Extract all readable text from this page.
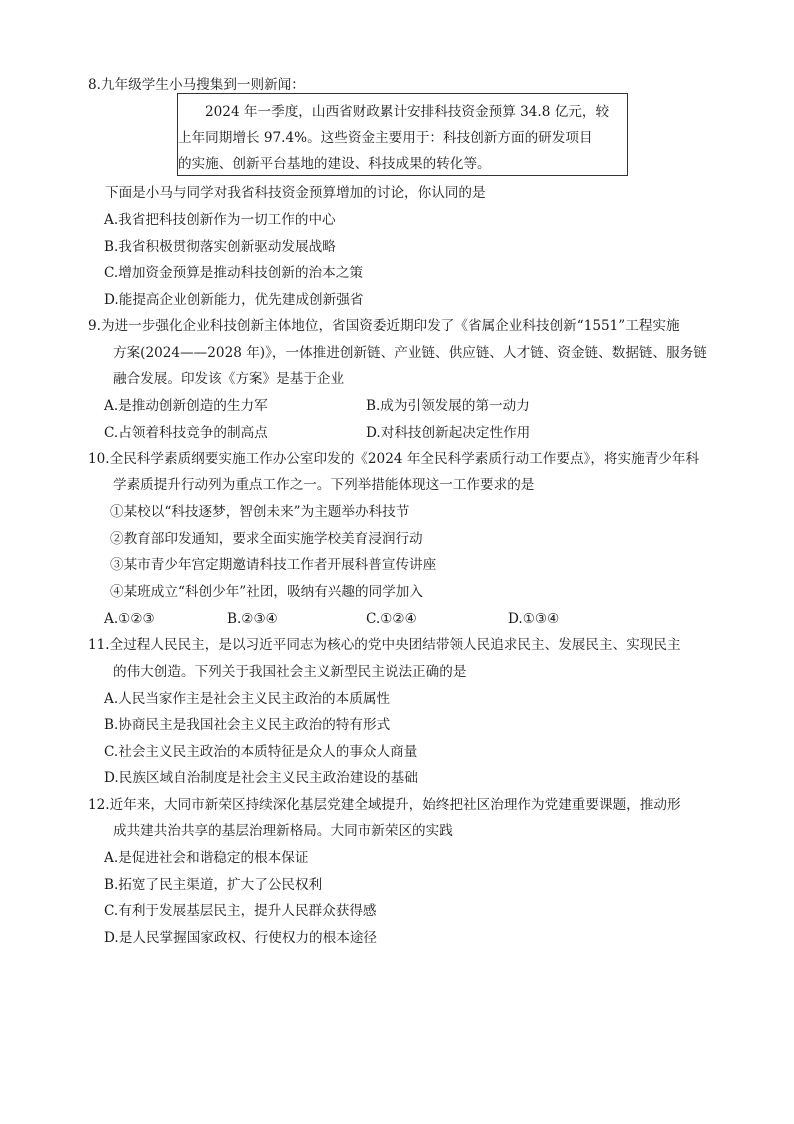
8.九年级学生小马搜集到一则新闻：
2024 年一季度，山西省财政累计安排科技资金预算 34.8 亿元，较
上年同期增长 97.4%。这些资金主要用于：科技创新方面的研发项目
的实施、创新平台基地的建设、科技成果的转化等。
下面是小马与同学对我省科技资金预算增加的讨论，你认同的是
A.我省把科技创新作为一切工作的中心
B.我省积极贯彻落实创新驱动发展战略
C.增加资金预算是推动科技创新的治本之策
D.能提高企业创新能力，优先建成创新强省
9.为进一步强化企业科技创新主体地位，省国资委近期印发了《省属企业科技创新“1551”工程实施
方案(2024——2028 年)》，一体推进创新链、产业链、供应链、人才链、资金链、数据链、服务链
融合发展。印发该《方案》是基于企业
A.是推动创新创造的生力军	B.成为引领发展的第一动力
C.占领着科技竞争的制高点	D.对科技创新起决定性作用
10.全民科学素质纲要实施工作办公室印发的《2024 年全民科学素质行动工作要点》，将实施青少年科
学素质提升行动列为重点工作之一。下列举措能体现这一工作要求的是
①某校以“科技逐梦，智创未来”为主题举办科技节
②教育部印发通知，要求全面实施学校美育浸润行动
③某市青少年宫定期邀请科技工作者开展科普宣传讲座
④某班成立“科创少年”社团，吸纳有兴趣的同学加入
A.①②③	B.②③④	C.①②④	D.①③④
11.全过程人民民主，是以习近平同志为核心的党中央团结带领人民追求民主、发展民主、实现民主
的伟大创造。下列关于我国社会主义新型民主说法正确的是
A.人民当家作主是社会主义民主政治的本质属性
B.协商民主是我国社会主义民主政治的特有形式
C.社会主义民主政治的本质特征是众人的事众人商量
D.民族区域自治制度是社会主义民主政治建设的基础
12.近年来，大同市新荣区持续深化基层党建全域提升，始终把社区治理作为党建重要课题，推动形
成共建共治共享的基层治理新格局。大同市新荣区的实践
A.是促进社会和谐稳定的根本保证
B.拓宽了民主渠道，扩大了公民权利
C.有利于发展基层民主，提升人民群众获得感
D.是人民掌握国家政权、行使权力的根本途径
